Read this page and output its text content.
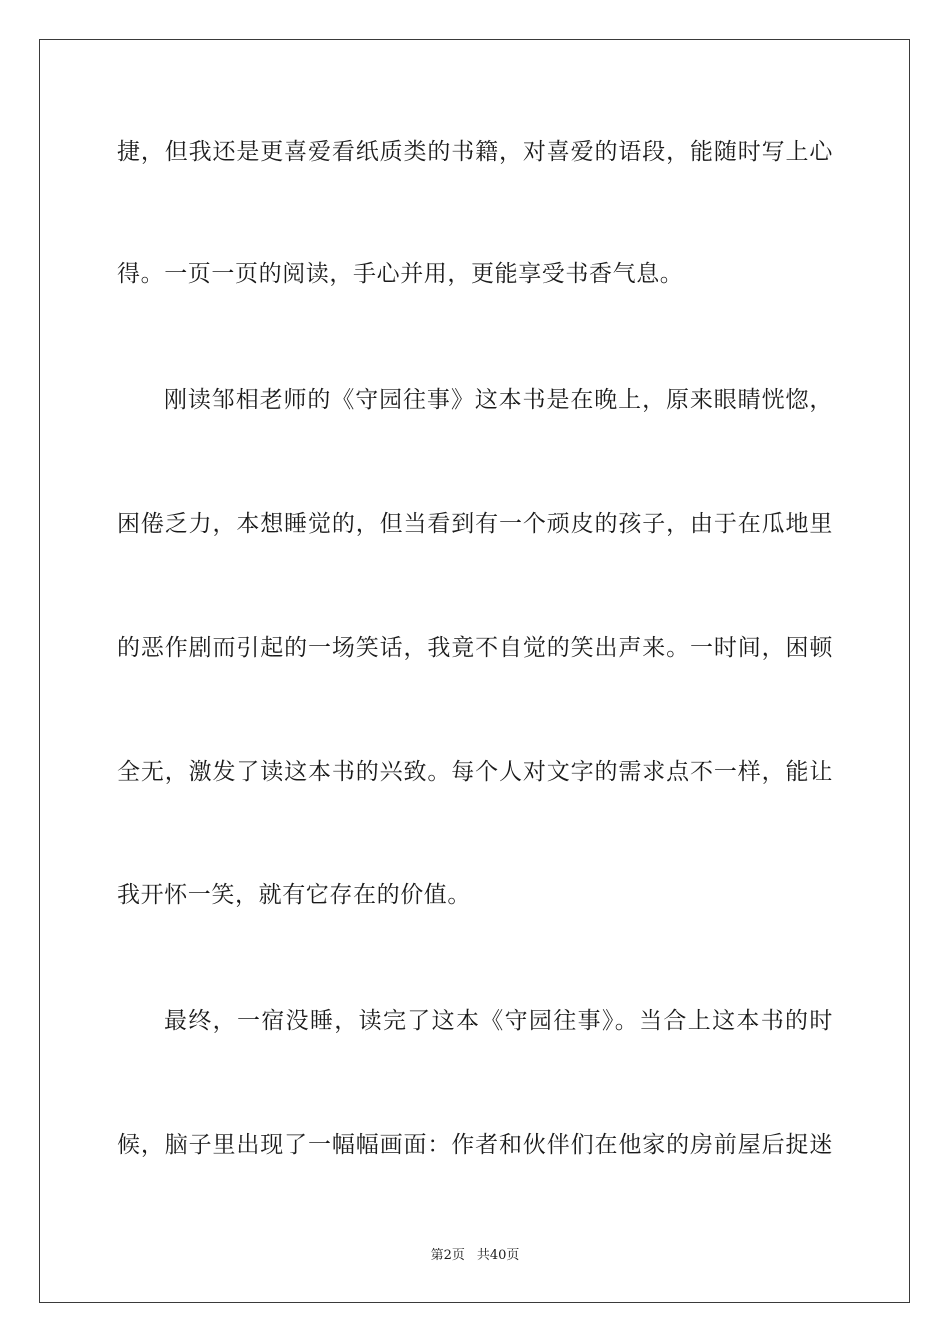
捷，但我还是更喜爱看纸质类的书籍，对喜爱的语段，能随时写上心

得。一页一页的阅读，手心并用，更能享受书香气息。

刚读邹相老师的《守园往事》这本书是在晚上，原来眼睛恍惚，

困倦乏力，本想睡觉的，但当看到有一个顽皮的孩子，由于在瓜地里

的恶作剧而引起的一场笑话，我竟不自觉的笑出声来。一时间，困顿

全无，激发了读这本书的兴致。每个人对文字的需求点不一样，能让

我开怀一笑，就有它存在的价值。

最终，一宿没睡，读完了这本《守园往事》。当合上这本书的时

候，脑子里出现了一幅幅画面：作者和伙伴们在他家的房前屋后捉迷

第2页 共40页
